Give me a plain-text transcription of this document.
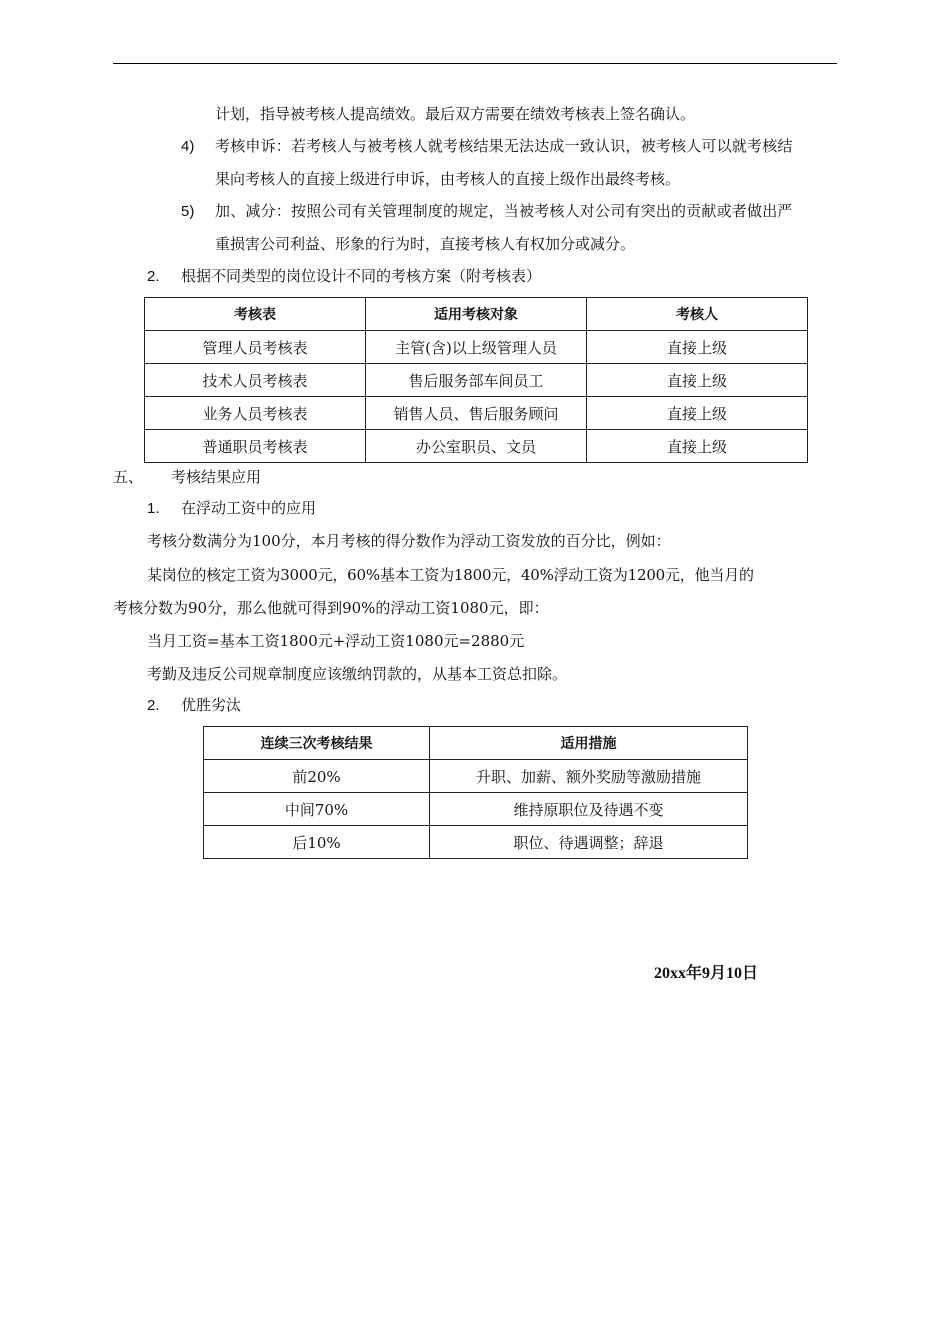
计划，指导被考核人提高绩效。最后双方需要在绩效考核表上签名确认。
4) 考核申诉：若考核人与被考核人就考核结果无法达成一致认识，被考核人可以就考核结
果向考核人的直接上级进行申诉，由考核人的直接上级作出最终考核。
5) 加、减分：按照公司有关管理制度的规定，当被考核人对公司有突出的贡献或者做出严
重损害公司利益、形象的行为时，直接考核人有权加分或减分。
2. 根据不同类型的岗位设计不同的考核方案（附考核表）
考核表	适用考核对象	考核人
管理人员考核表	主管(含)以上级管理人员	直接上级
技术人员考核表	售后服务部车间员工	直接上级
业务人员考核表	销售人员、售后服务顾问	直接上级
普通职员考核表	办公室职员、文员	直接上级
五、 考核结果应用
1. 在浮动工资中的应用
考核分数满分为100分，本月考核的得分数作为浮动工资发放的百分比，例如：
某岗位的核定工资为3000元，60%基本工资为1800元，40%浮动工资为1200元，他当月的
考核分数为90分，那么他就可得到90%的浮动工资1080元，即：
当月工资=基本工资1800元+浮动工资1080元=2880元
考勤及违反公司规章制度应该缴纳罚款的，从基本工资总扣除。
2. 优胜劣汰
连续三次考核结果	适用措施
前20%	升职、加薪、额外奖励等激励措施
中间70%	维持原职位及待遇不变
后10%	职位、待遇调整；辞退
20xx年9月10日
